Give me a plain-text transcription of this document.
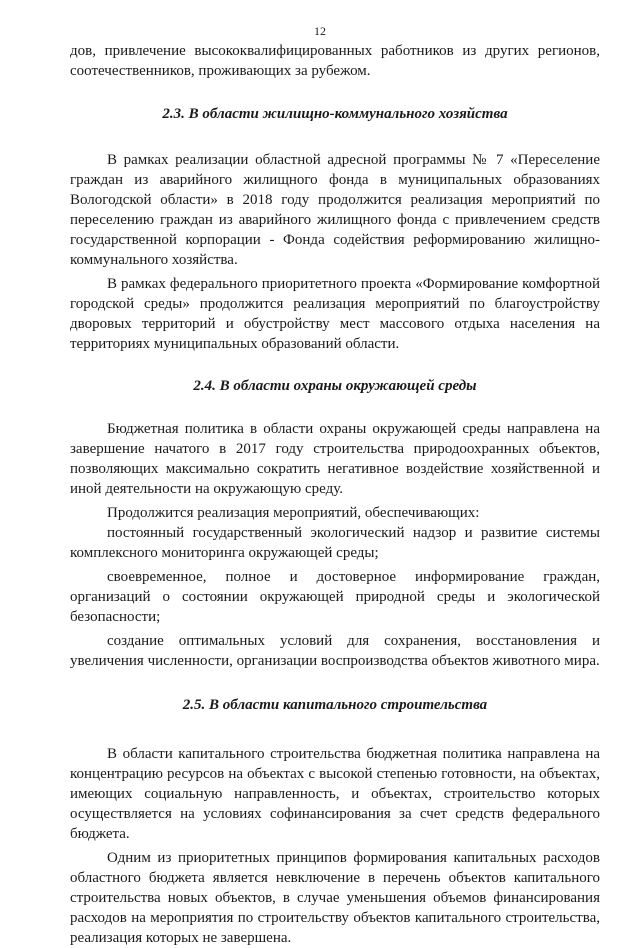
12

дов, привлечение высококвалифицированных работников из других регионов, соотечественников, проживающих за рубежом.

2.3. В области жилищно-коммунального хозяйства

В рамках реализации областной адресной программы № 7 «Переселение граждан из аварийного жилищного фонда в муниципальных образованиях Вологодской области» в 2018 году продолжится реализация мероприятий по переселению граждан из аварийного жилищного фонда с привлечением средств государственной корпорации - Фонда содействия реформированию жилищно-коммунального хозяйства.

В рамках федерального приоритетного проекта «Формирование комфортной городской среды» продолжится реализация мероприятий по благоустройству дворовых территорий и обустройству мест массового отдыха населения на территориях муниципальных образований области.

2.4. В области охраны окружающей среды

Бюджетная политика в области охраны окружающей среды направлена на завершение начатого в 2017 году строительства природоохранных объектов, позволяющих максимально сократить негативное воздействие хозяйственной и иной деятельности на окружающую среду.

Продолжится реализация мероприятий, обеспечивающих:

постоянный государственный экологический надзор и развитие системы комплексного мониторинга окружающей среды;

своевременное, полное и достоверное информирование граждан, организаций о состоянии окружающей природной среды и экологической безопасности;

создание оптимальных условий для сохранения, восстановления и увеличения численности, организации воспроизводства объектов животного мира.

2.5. В области капитального строительства

В области капитального строительства бюджетная политика направлена на концентрацию ресурсов на объектах с высокой степенью готовности, на объектах, имеющих социальную направленность, и объектах, строительство которых осуществляется на условиях софинансирования за счет средств федерального бюджета.

Одним из приоритетных принципов формирования капитальных расходов областного бюджета является невключение в перечень объектов капитального строительства новых объектов, в случае уменьшения объемов финансирования расходов на мероприятия по строительству объектов капитального строительства, реализация которых не завершена.
